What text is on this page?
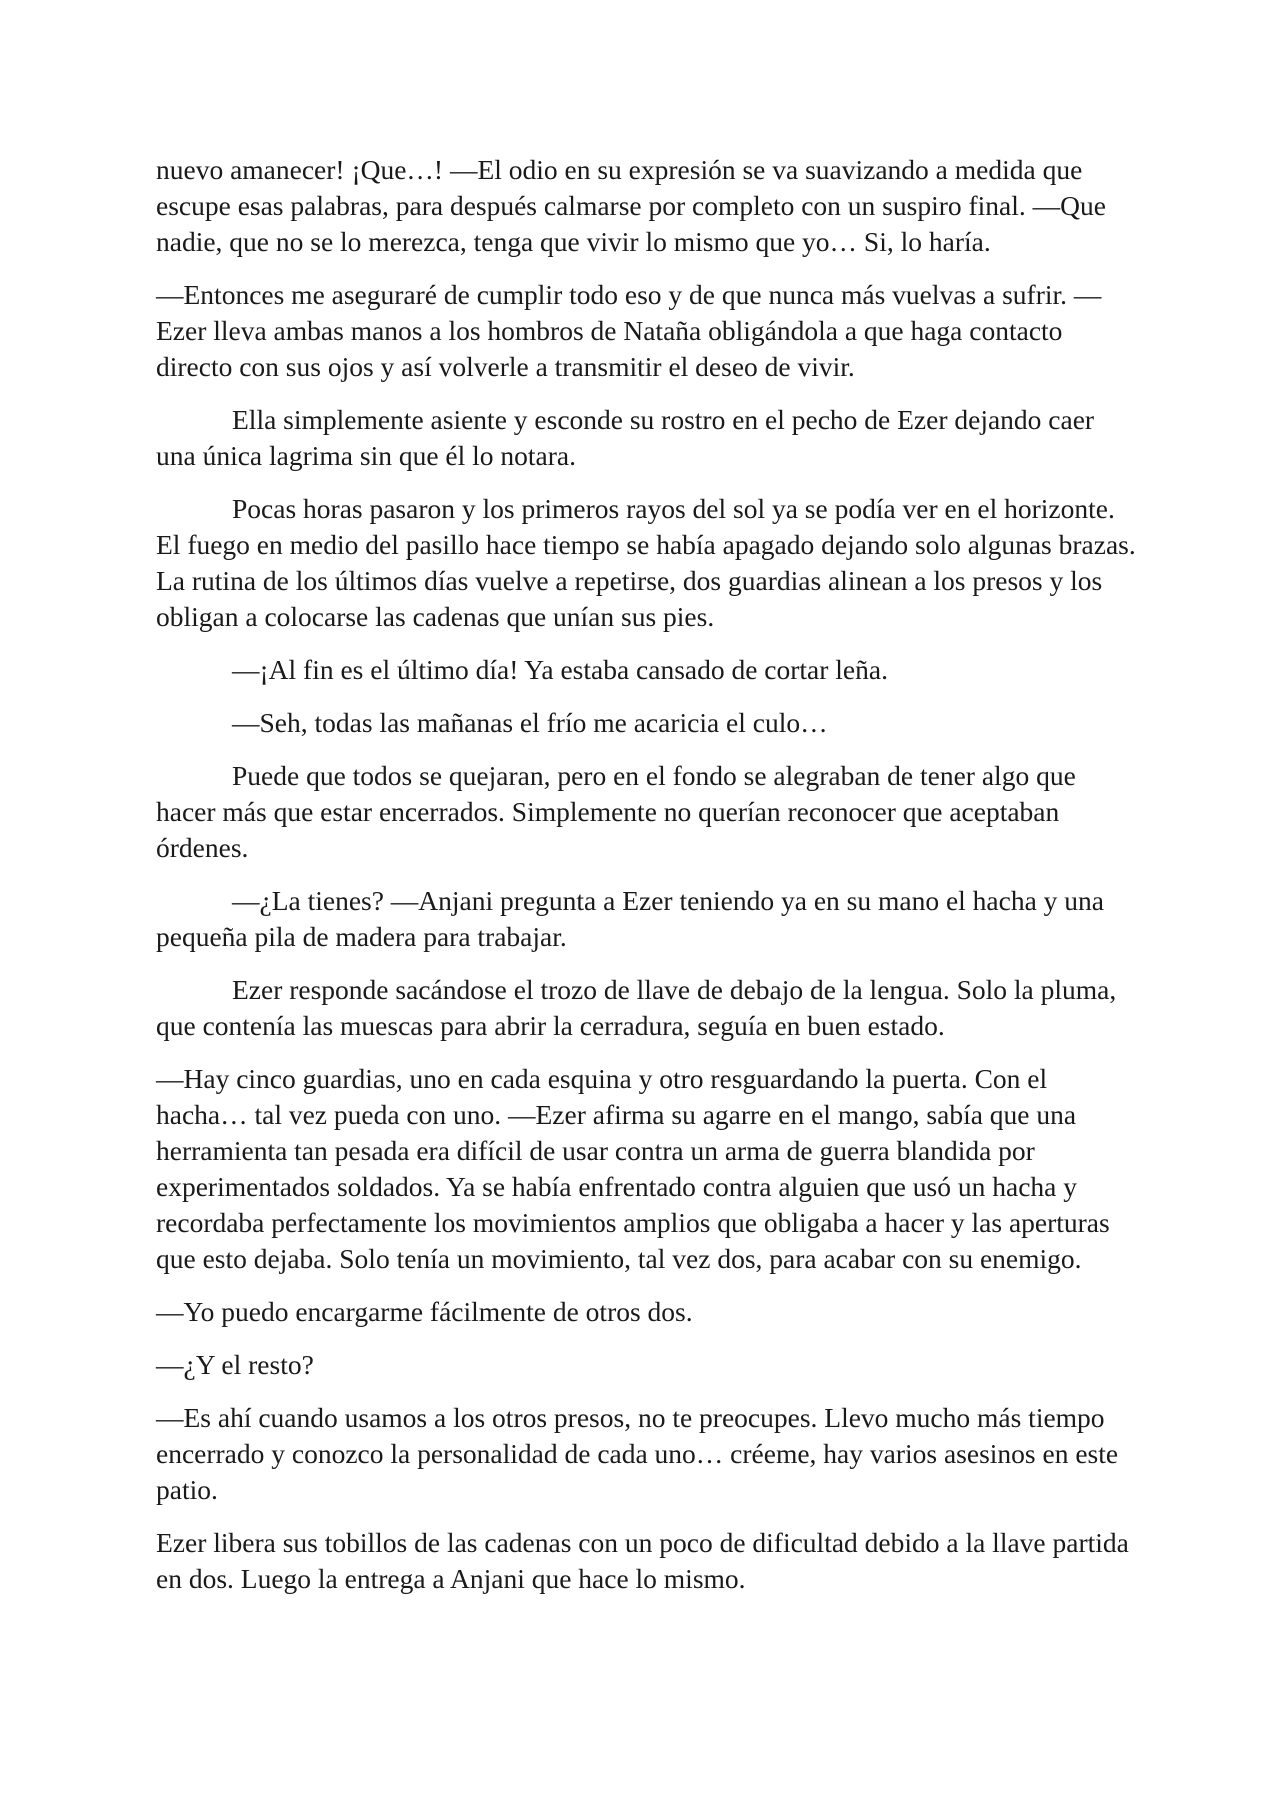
nuevo amanecer! ¡Que…! —El odio en su expresión se va suavizando a medida que escupe esas palabras, para después calmarse por completo con un suspiro final. —Que nadie, que no se lo merezca, tenga que vivir lo mismo que yo… Si, lo haría.

—Entonces me aseguraré de cumplir todo eso y de que nunca más vuelvas a sufrir. —Ezer lleva ambas manos a los hombros de Nataña obligándola a que haga contacto directo con sus ojos y así volverle a transmitir el deseo de vivir.

Ella simplemente asiente y esconde su rostro en el pecho de Ezer dejando caer una única lagrima sin que él lo notara.

Pocas horas pasaron y los primeros rayos del sol ya se podía ver en el horizonte. El fuego en medio del pasillo hace tiempo se había apagado dejando solo algunas brazas. La rutina de los últimos días vuelve a repetirse, dos guardias alinean a los presos y los obligan a colocarse las cadenas que unían sus pies.

—¡Al fin es el último día! Ya estaba cansado de cortar leña.

—Seh, todas las mañanas el frío me acaricia el culo…

Puede que todos se quejaran, pero en el fondo se alegraban de tener algo que hacer más que estar encerrados. Simplemente no querían reconocer que aceptaban órdenes.

—¿La tienes? —Anjani pregunta a Ezer teniendo ya en su mano el hacha y una pequeña pila de madera para trabajar.

Ezer responde sacándose el trozo de llave de debajo de la lengua. Solo la pluma, que contenía las muescas para abrir la cerradura, seguía en buen estado.

—Hay cinco guardias, uno en cada esquina y otro resguardando la puerta. Con el hacha… tal vez pueda con uno. —Ezer afirma su agarre en el mango, sabía que una herramienta tan pesada era difícil de usar contra un arma de guerra blandida por experimentados soldados. Ya se había enfrentado contra alguien que usó un hacha y recordaba perfectamente los movimientos amplios que obligaba a hacer y las aperturas que esto dejaba. Solo tenía un movimiento, tal vez dos, para acabar con su enemigo.

—Yo puedo encargarme fácilmente de otros dos.

—¿Y el resto?

—Es ahí cuando usamos a los otros presos, no te preocupes. Llevo mucho más tiempo encerrado y conozco la personalidad de cada uno… créeme, hay varios asesinos en este patio.

Ezer libera sus tobillos de las cadenas con un poco de dificultad debido a la llave partida en dos. Luego la entrega a Anjani que hace lo mismo.
